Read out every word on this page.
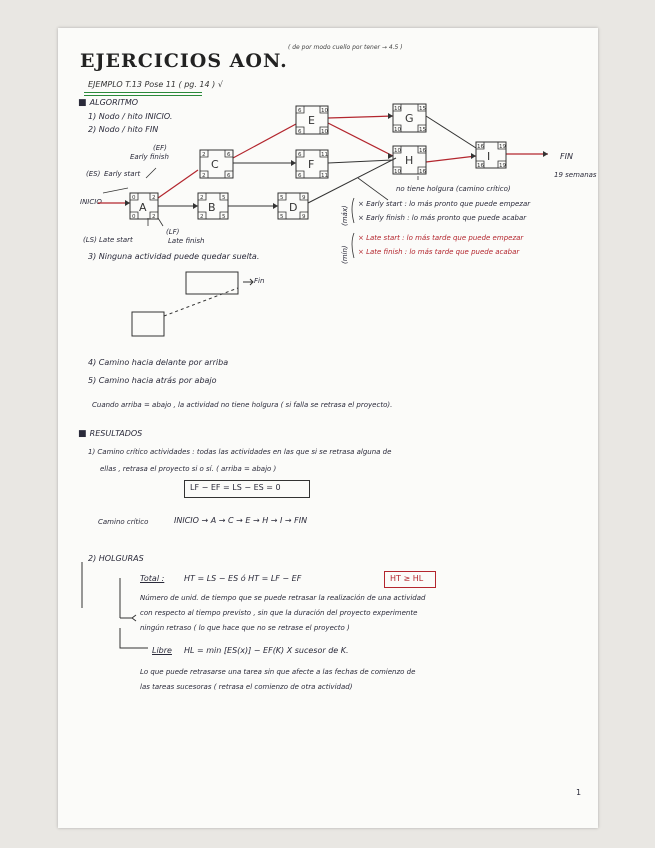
EJERCICIOS AON.
( de por modo cuello por tener → 4.5 )
EJEMPLO T.13 Pose 11 ( pg. 14 ) √
■ ALGORITMO
1) Nodo / hito INICIO.
2) Nodo / hito FIN
(EF)
Early finish
(ES) Early start
INICIO
(LS) Late start
(LF)
Late finish
FIN
19 semanas
no tiene holgura (camino crítico)
(máx)
× Early start : lo más pronto que puede empezar
× Early finish : lo más pronto que puede acabar
(mín)
× Late start : lo más tarde que puede empezar
× Late finish : lo más tarde que puede acabar
3) Ninguna actividad puede quedar suelta.
Fin
4) Camino hacia delante por arriba
5) Camino hacia atrás por abajo
Cuando arriba = abajo , la actividad no tiene holgura ( si falla se retrasa el proyecto).
■ RESULTADOS
1) Camino crítico actividades : todas las actividades en las que si se retrasa alguna de
ellas , retrasa el proyecto si o sí. ( arriba = abajo )
LF − EF = LS − ES = 0
Camino crítico	INICIO → A → C → E → H → I → FIN
2) HOLGURAS
Total : HT = LS − ES ó HT = LF − EF	HT ≥ HL
Número de unid. de tiempo que se puede retrasar la realización de una actividad
con respecto al tiempo previsto , sin que la duración del proyecto experimente
ningún retraso ( lo que hace que no se retrase el proyecto )
Libre HL = min [ES(x)] − EF(K) X sucesor de K.
Lo que puede retrasarse una tarea sin que afecte a las fechas de comienzo de
las tareas sucesoras ( retrasa el comienzo de otra actividad)
1
A
0	2
0	2
B
2	5
2	5
C
2	6
2	6
D
5	9
5	9
E
6	10
6	10
F
6	11
6	11
G
10	15
10	15
H
10	16
10	16
I
16	19
16	19
